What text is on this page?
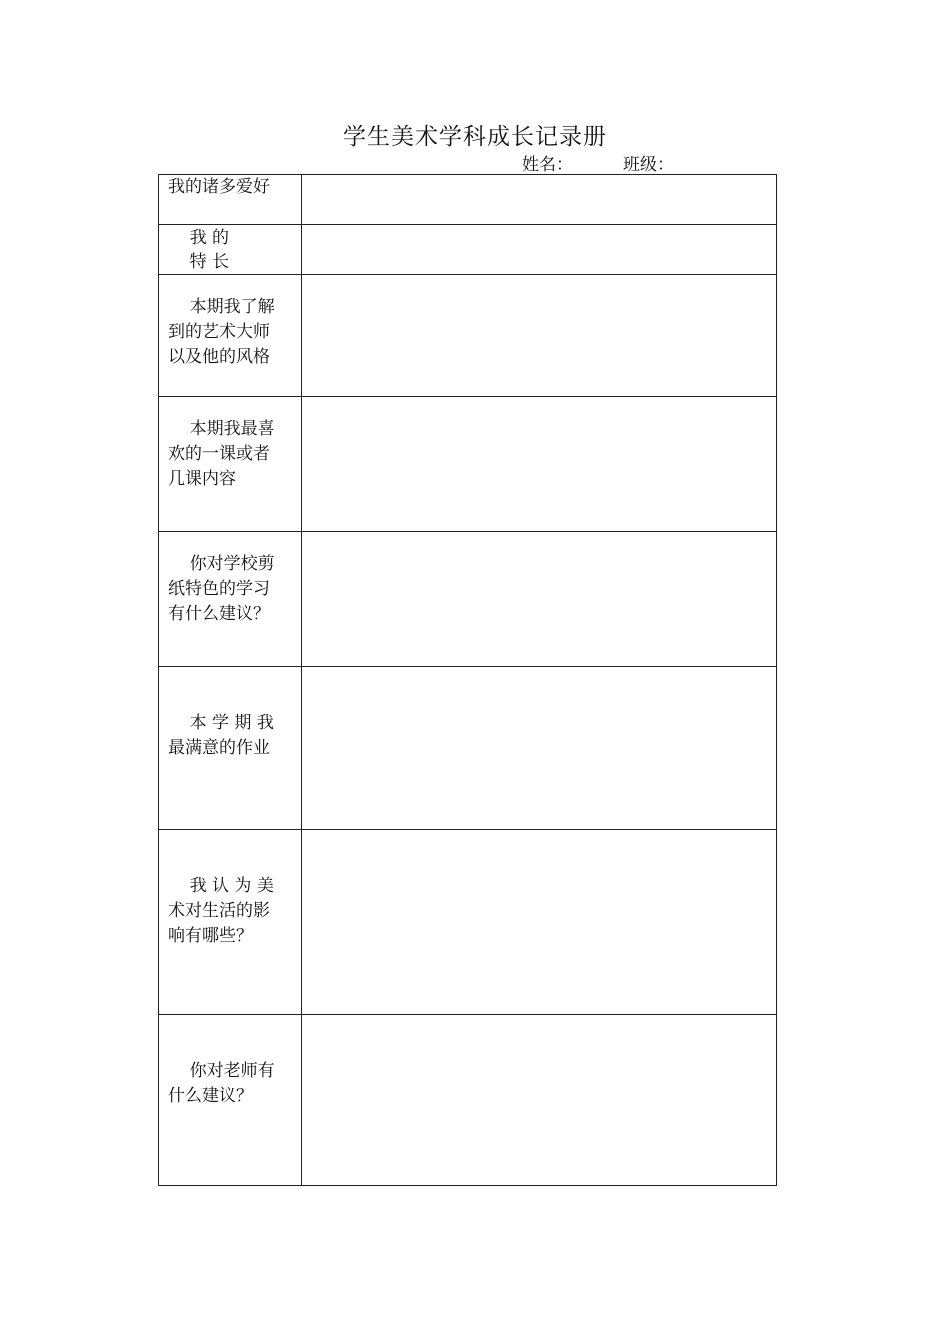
学生美术学科成长记录册
姓名：	班级：
我的诸多爱好	

我 的
特 长	

本期我了解
到的艺术大师
以及他的风格	

本期我最喜
欢的一课或者
几课内容	

你对学校剪
纸特色的学习
有什么建议？	

本 学 期 我
最满意的作业	

我 认 为 美
术对生活的影
响有哪些？	

你对老师有
什么建议？	
